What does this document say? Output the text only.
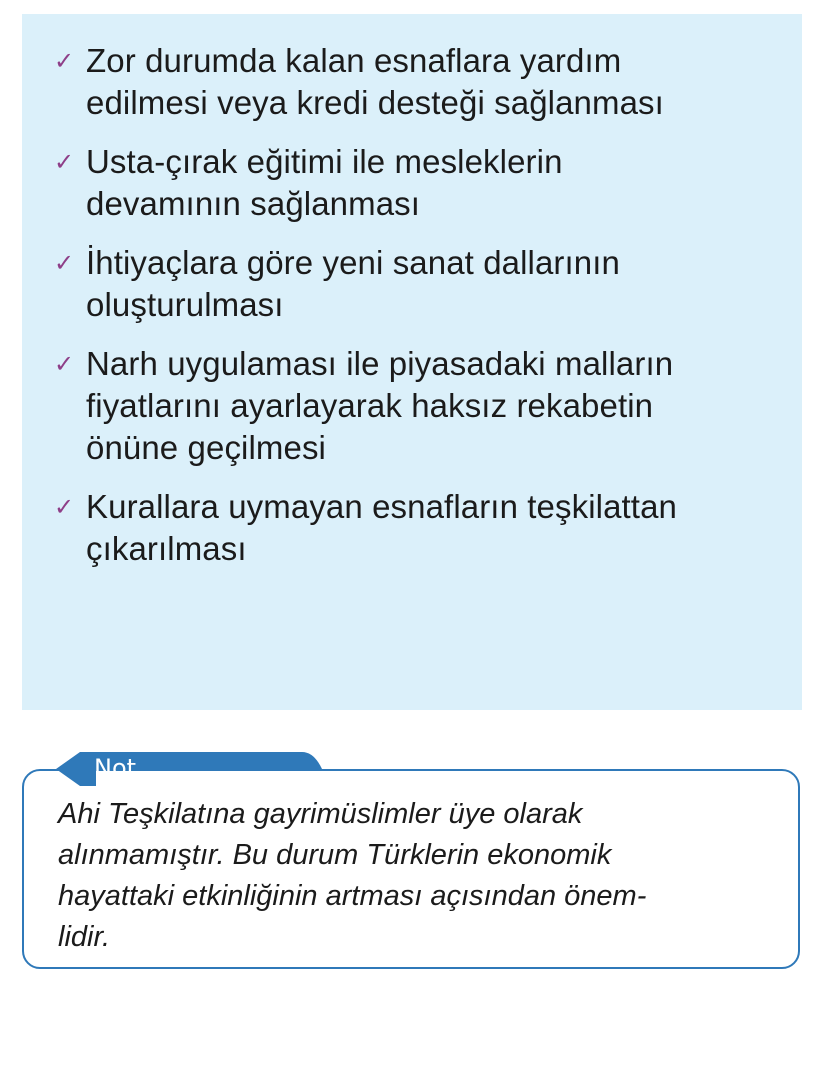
✓ Zor durumda kalan esnaflara yardım
edilmesi veya kredi desteği sağlanması
✓ Usta-çırak eğitimi ile mesleklerin
devamının sağlanması
✓ İhtiyaçlara göre yeni sanat dallarının
oluşturulması
✓ Narh uygulaması ile piyasadaki malların
fiyatlarını ayarlayarak haksız rekabetin
önüne geçilmesi
✓ Kurallara uymayan esnafların teşkilattan
çıkarılması
Not
Ahi Teşkilatına gayrimüslimler üye olarak
alınmamıştır. Bu durum Türklerin ekonomik
hayattaki etkinliğinin artması açısından önem-
lidir.
